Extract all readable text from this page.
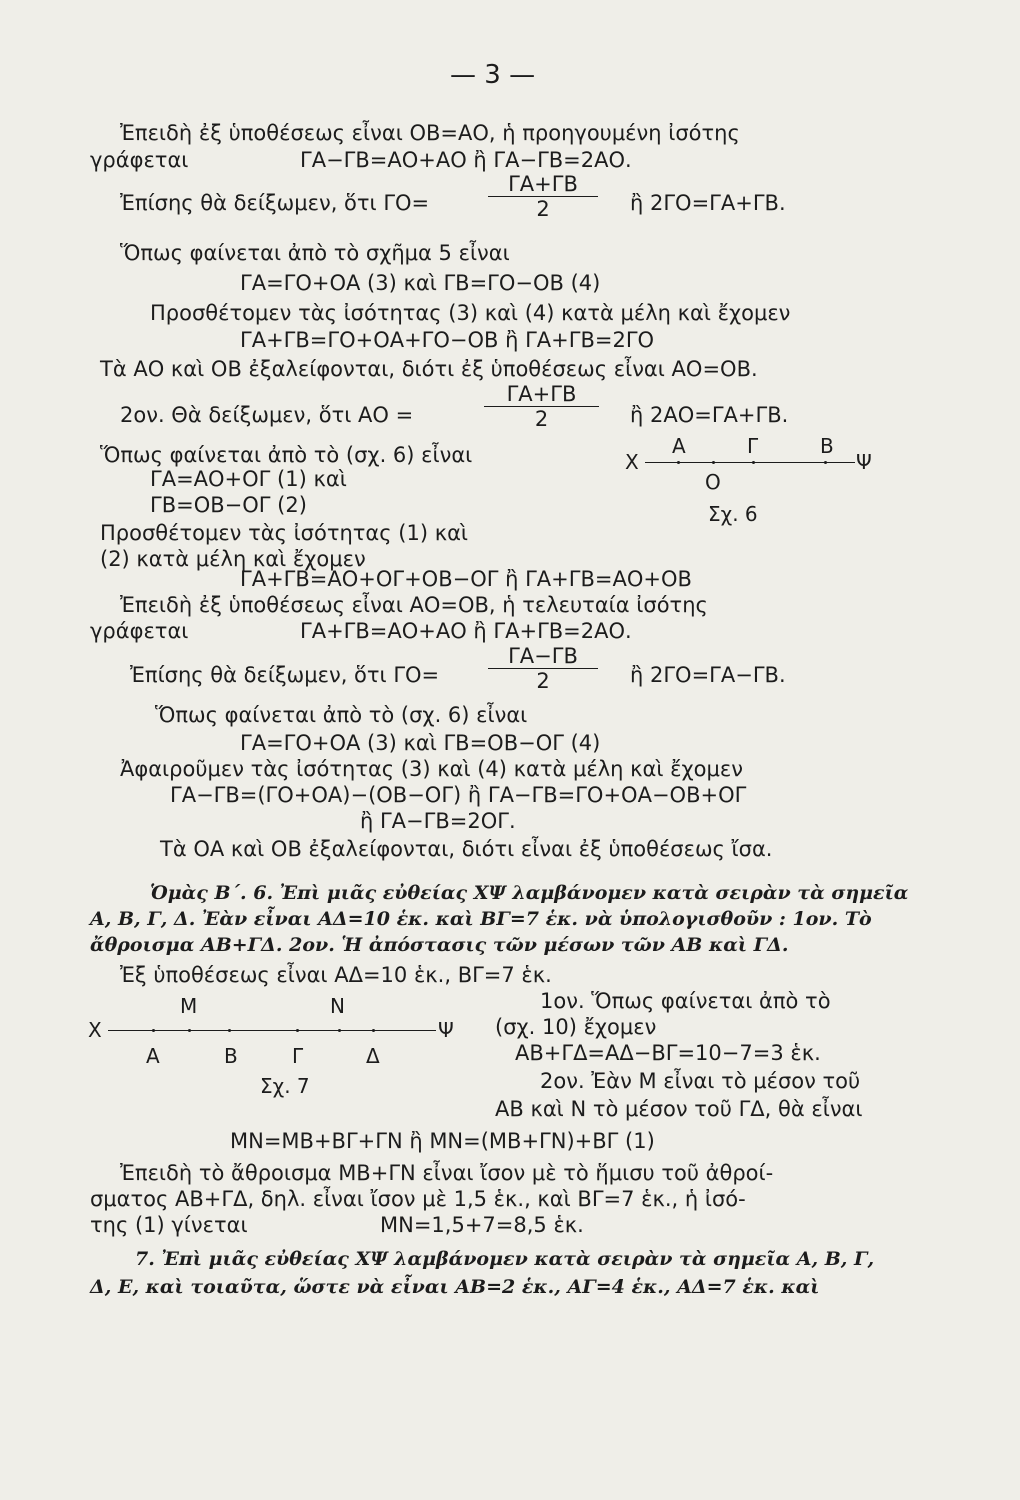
— 3 —
Ἐπειδὴ ἐξ ὑποθέσεως εἶναι ΟΒ=ΑΟ, ἡ προηγουμένη ἰσότης
γράφεται	ΓΑ−ΓΒ=ΑΟ+ΑΟ ἢ ΓΑ−ΓΒ=2ΑΟ.
Ἐπίσης θὰ δείξωμεν, ὅτι ΓΟ=	$\frac{\Gamma A+\Gamma B}{2}$ ἢ 2ΓΟ=ΓΑ+ΓΒ.
Ὅπως φαίνεται ἀπὸ τὸ σχῆμα 5 εἶναι
ΓΑ=ΓΟ+ΟΑ (3) καὶ ΓΒ=ΓΟ−ΟΒ (4)
Προσθέτομεν τὰς ἰσότητας (3) καὶ (4) κατὰ μέλη καὶ ἔχομεν
ΓΑ+ΓΒ=ΓΟ+ΟΑ+ΓΟ−ΟΒ ἢ ΓΑ+ΓΒ=2ΓΟ
Τὰ ΑΟ καὶ ΟΒ ἐξαλείφονται, διότι ἐξ ὑποθέσεως εἶναι ΑΟ=ΟΒ.
2ον. Θὰ δείξωμεν, ὅτι ΑΟ =	$\frac{\Gamma A+\Gamma B}{2}$ ἢ 2ΑΟ=ΓΑ+ΓΒ.
Ὅπως φαίνεται ἀπὸ τὸ (σχ. 6) εἶναι
ΓΑ=ΑΟ+ΟΓ (1) καὶ
ΓΒ=ΟΒ−ΟΓ (2)
Προσθέτομεν τὰς ἰσότητας (1) καὶ
(2) κατὰ μέλη καὶ ἔχομεν
Α	Γ	Β
Χ	Ψ
Ο
Σχ. 6
ΓΑ+ΓΒ=ΑΟ+ΟΓ+ΟΒ−ΟΓ ἢ ΓΑ+ΓΒ=ΑΟ+ΟΒ
Ἐπειδὴ ἐξ ὑποθέσεως εἶναι ΑΟ=ΟΒ, ἡ τελευταία ἰσότης
γράφεται	ΓΑ+ΓΒ=ΑΟ+ΑΟ ἢ ΓΑ+ΓΒ=2ΑΟ.
Ἐπίσης θὰ δείξωμεν, ὅτι $\Gamma O= \frac{\Gamma A-\Gamma B}{2}$ ἢ 2ΓΟ=ΓΑ−ΓΒ.
Ὅπως φαίνεται ἀπὸ τὸ (σχ. 6) εἶναι
ΓΑ=ΓΟ+ΟΑ (3) καὶ ΓΒ=ΟΒ−ΟΓ (4)
Ἀφαιροῦμεν τὰς ἰσότητας (3) καὶ (4) κατὰ μέλη καὶ ἔχομεν
ΓΑ−ΓΒ=(ΓΟ+ΟΑ)−(ΟΒ−ΟΓ) ἢ ΓΑ−ΓΒ=ΓΟ+ΟΑ−ΟΒ+ΟΓ
ἢ ΓΑ−ΓΒ=2ΟΓ.
Τὰ ΟΑ καὶ ΟΒ ἐξαλείφονται, διότι εἶναι ἐξ ὑποθέσεως ἴσα.
Ὁμὰς Β΄. 6. Ἐπὶ μιᾶς εὐθείας ΧΨ λαμβάνομεν κατὰ σειρὰν τὰ σημεῖα
Α, Β, Γ, Δ. Ἐὰν εἶναι ΑΔ=10 ἑκ. καὶ ΒΓ=7 ἑκ. νὰ ὑπολογισθοῦν : 1ον. Τὸ
ἄθροισμα ΑΒ+ΓΔ. 2ον. Ἡ ἀπόστασις τῶν μέσων τῶν ΑΒ καὶ ΓΔ.
Ἐξ ὑποθέσεως εἶναι ΑΔ=10 ἑκ., ΒΓ=7 ἑκ.
Μ	Ν
Χ	Ψ
Α	Β	Γ	Δ
Σχ. 7
1ον. Ὅπως φαίνεται ἀπὸ τὸ
(σχ. 10) ἔχομεν
ΑΒ+ΓΔ=ΑΔ−ΒΓ=10−7=3 ἑκ.
2ον. Ἐὰν Μ εἶναι τὸ μέσον τοῦ
ΑΒ καὶ Ν τὸ μέσον τοῦ ΓΔ, θὰ εἶναι
ΜΝ=ΜΒ+ΒΓ+ΓΝ ἢ ΜΝ=(ΜΒ+ΓΝ)+ΒΓ (1)
Ἐπειδὴ τὸ ἄθροισμα ΜΒ+ΓΝ εἶναι ἴσον μὲ τὸ ἥμισυ τοῦ ἀθροί-
σματος ΑΒ+ΓΔ, δηλ. εἶναι ἴσον μὲ 1,5 ἑκ., καὶ ΒΓ=7 ἑκ., ἡ ἰσό-
της (1) γίνεται	ΜΝ=1,5+7=8,5 ἑκ.
7. Ἐπὶ μιᾶς εὐθείας ΧΨ λαμβάνομεν κατὰ σειρὰν τὰ σημεῖα Α, Β, Γ,
Δ, Ε, καὶ τοιαῦτα, ὥστε νὰ εἶναι ΑΒ=2 ἑκ., ΑΓ=4 ἑκ., ΑΔ=7 ἑκ. καὶ
